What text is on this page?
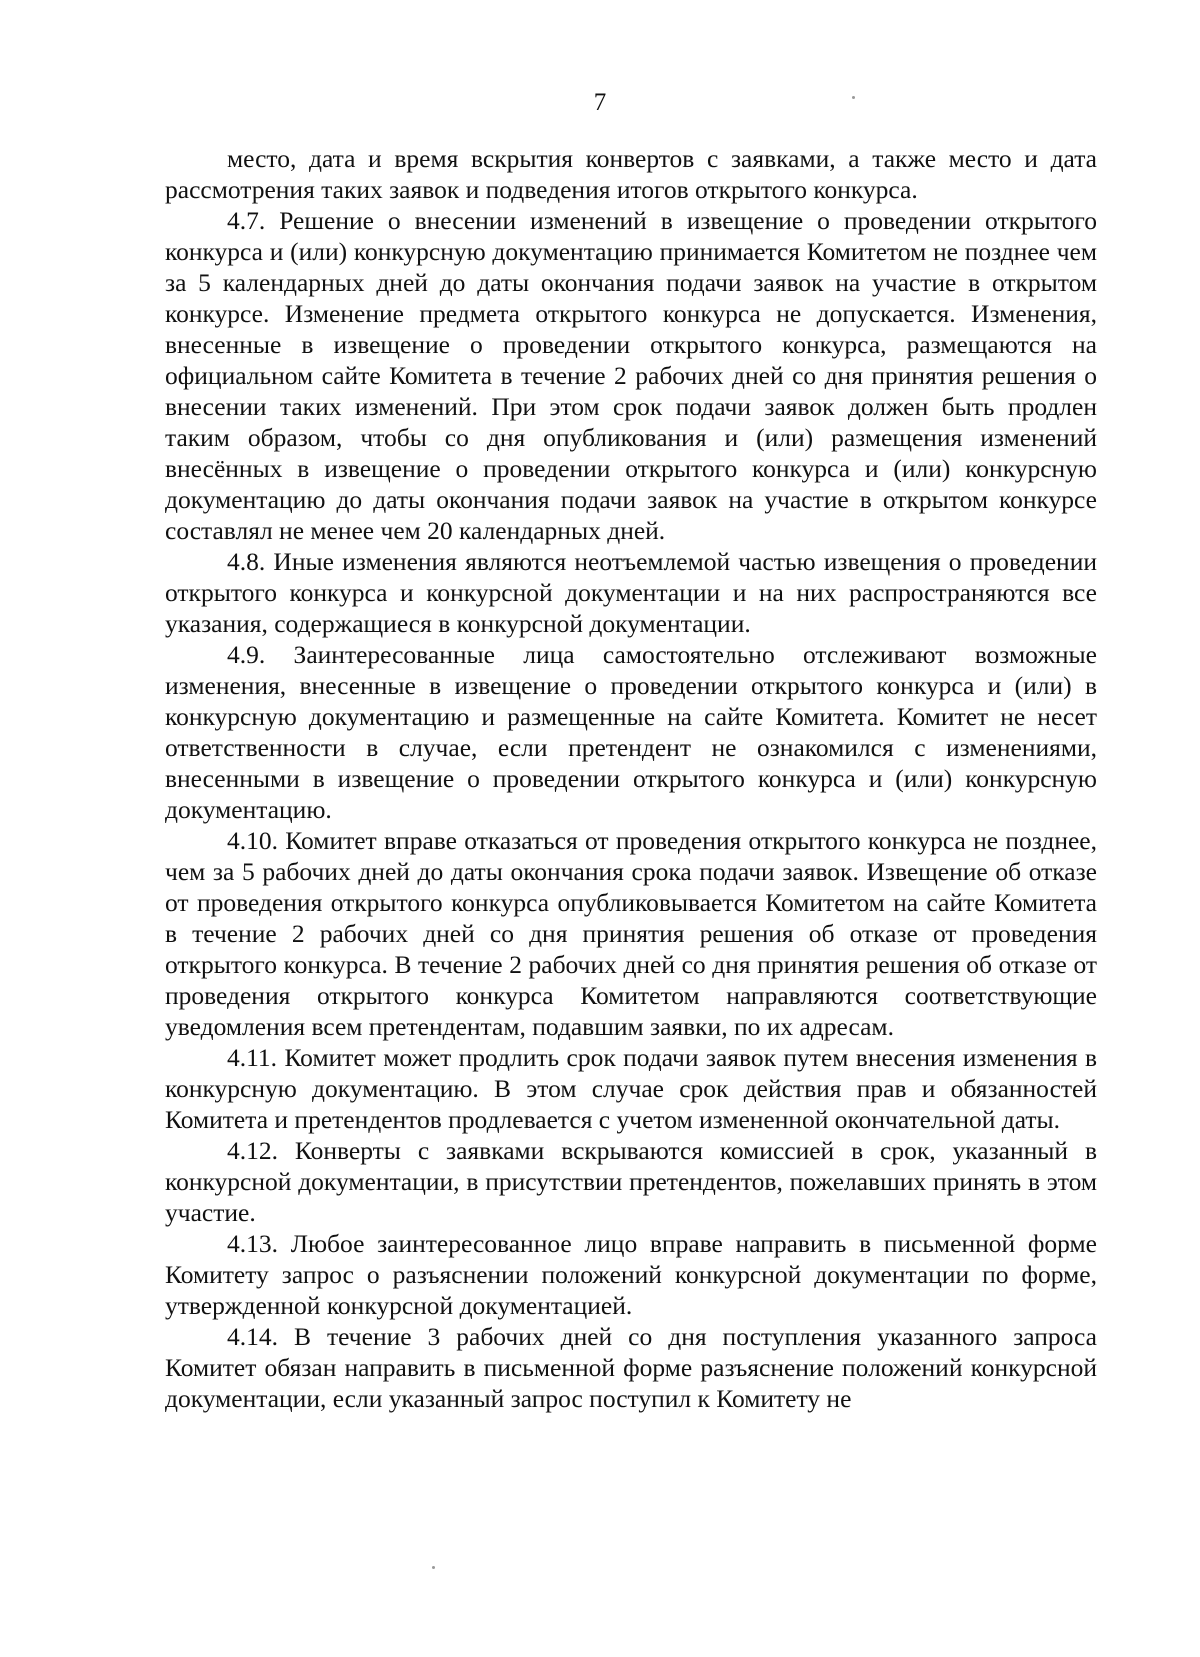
7

место, дата и время вскрытия конвертов с заявками, а также место и дата рассмотрения таких заявок и подведения итогов открытого конкурса.

4.7. Решение о внесении изменений в извещение о проведении открытого конкурса и (или) конкурсную документацию принимается Комитетом не позднее чем за 5 календарных дней до даты окончания подачи заявок на участие в открытом конкурсе. Изменение предмета открытого конкурса не допускается. Изменения, внесенные в извещение о проведении открытого конкурса, размещаются на официальном сайте Комитета в течение 2 рабочих дней со дня принятия решения о внесении таких изменений. При этом срок подачи заявок должен быть продлен таким образом, чтобы со дня опубликования и (или) размещения изменений внесённых в извещение о проведении открытого конкурса и (или) конкурсную документацию до даты окончания подачи заявок на участие в открытом конкурсе составлял не менее чем 20 календарных дней.

4.8. Иные изменения являются неотъемлемой частью извещения о проведении открытого конкурса и конкурсной документации и на них распространяются все указания, содержащиеся в конкурсной документации.

4.9. Заинтересованные лица самостоятельно отслеживают возможные изменения, внесенные в извещение о проведении открытого конкурса и (или) в конкурсную документацию и размещенные на сайте Комитета. Комитет не несет ответственности в случае, если претендент не ознакомился с изменениями, внесенными в извещение о проведении открытого конкурса и (или) конкурсную документацию.

4.10. Комитет вправе отказаться от проведения открытого конкурса не позднее, чем за 5 рабочих дней до даты окончания срока подачи заявок. Извещение об отказе от проведения открытого конкурса опубликовывается Комитетом на сайте Комитета в течение 2 рабочих дней со дня принятия решения об отказе от проведения открытого конкурса. В течение 2 рабочих дней со дня принятия решения об отказе от проведения открытого конкурса Комитетом направляются соответствующие уведомления всем претендентам, подавшим заявки, по их адресам.

4.11. Комитет может продлить срок подачи заявок путем внесения изменения в конкурсную документацию. В этом случае срок действия прав и обязанностей Комитета и претендентов продлевается с учетом измененной окончательной даты.

4.12. Конверты с заявками вскрываются комиссией в срок, указанный в конкурсной документации, в присутствии претендентов, пожелавших принять в этом участие.

4.13. Любое заинтересованное лицо вправе направить в письменной форме Комитету запрос о разъяснении положений конкурсной документации по форме, утвержденной конкурсной документацией.

4.14. В течение 3 рабочих дней со дня поступления указанного запроса Комитет обязан направить в письменной форме разъяснение положений конкурсной документации, если указанный запрос поступил к Комитету не
